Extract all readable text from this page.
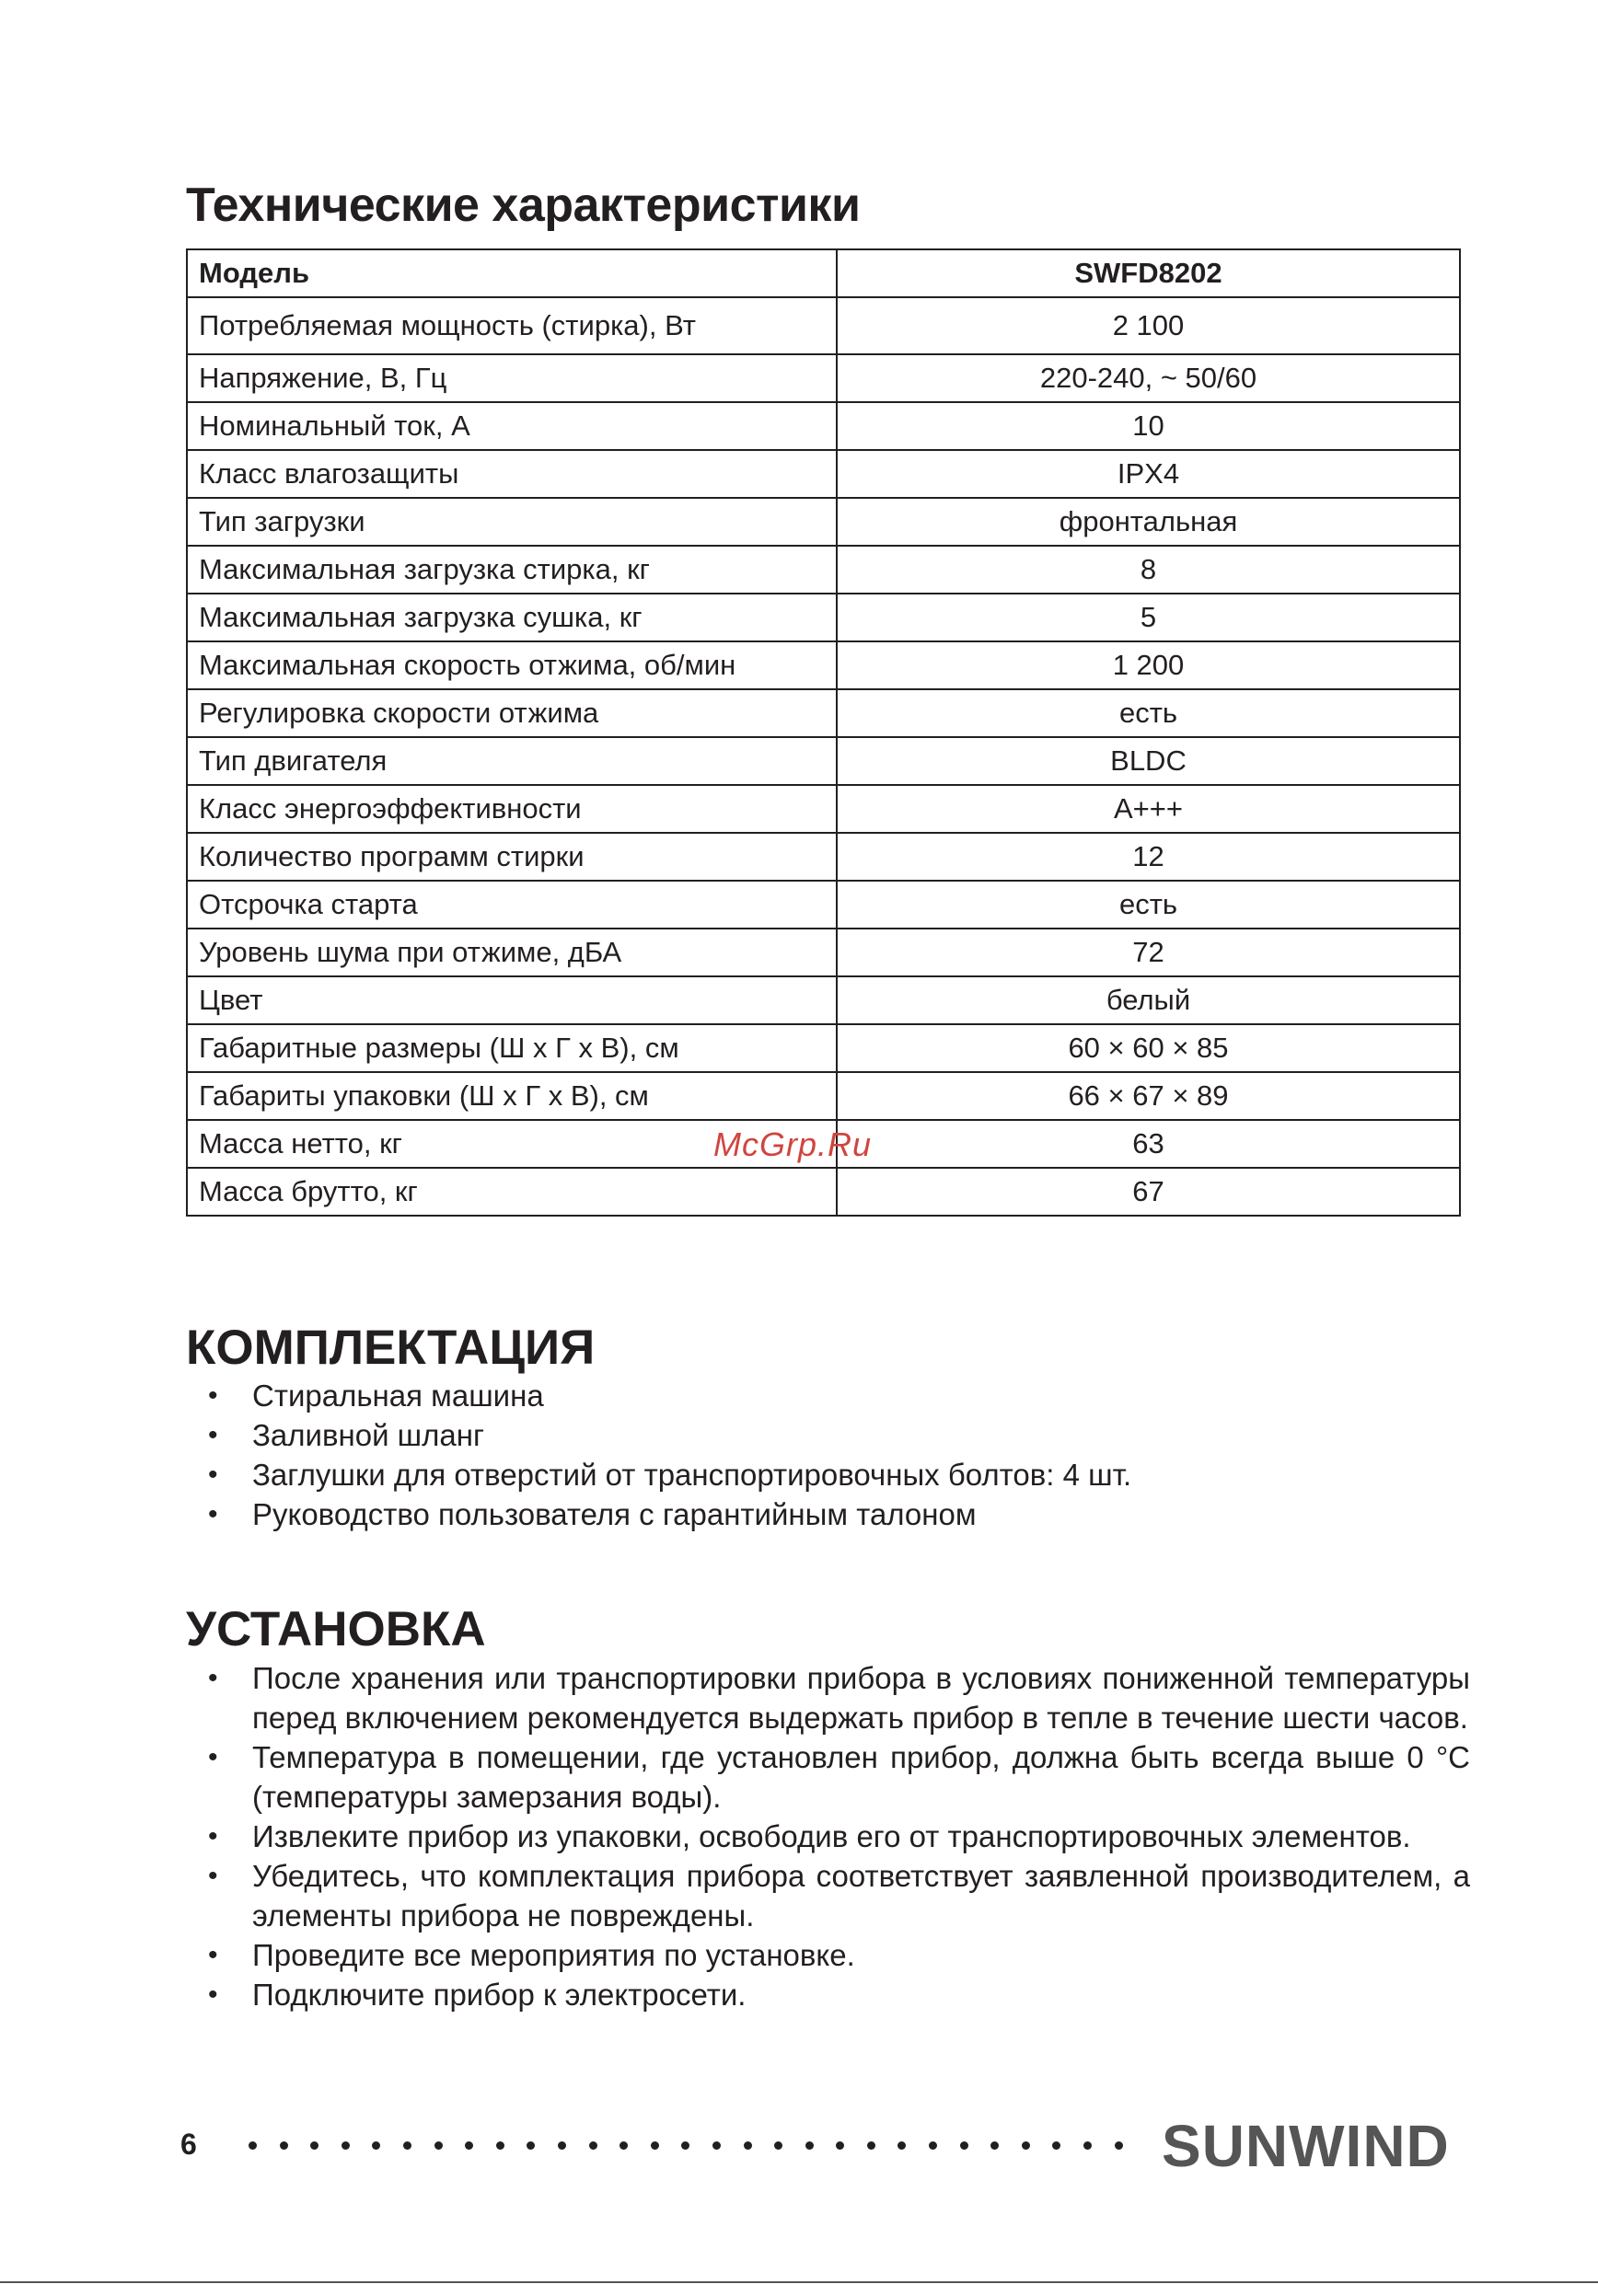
Технические характеристики
Модель	SWFD8202
Потребляемая мощность (стирка), Вт	2 100
Напряжение, В, Гц	220-240, ~ 50/60
Номинальный ток, А	10
Класс влагозащиты	IPX4
Тип загрузки	фронтальная
Максимальная загрузка стирка, кг	8
Максимальная загрузка сушка, кг	5
Максимальная скорость отжима, об/мин	1 200
Регулировка скорости отжима	есть
Тип двигателя	BLDC
Класс энергоэффективности	A+++
Количество программ стирки	12
Отсрочка старта	есть
Уровень шума при отжиме, дБА	72
Цвет	белый
Габаритные размеры (Ш х Г х В), см	60 × 60 × 85
Габариты упаковки (Ш х Г х В), см	66 × 67 × 89
Масса нетто, кг	63
Масса брутто, кг	67
McGrp.Ru
КОМПЛЕКТАЦИЯ
• Стиральная машина
• Заливной шланг
• Заглушки для отверстий от транспортировочных болтов: 4 шт.
• Руководство пользователя с гарантийным талоном
УСТАНОВКА
• После хранения или транспортировки прибора в условиях пониженной температуры перед включением рекомендуется выдержать прибор в тепле в течение шести часов.
• Температура в помещении, где установлен прибор, должна быть всегда выше 0 °С (температуры замерзания воды).
• Извлеките прибор из упаковки, освободив его от транспортировочных элементов.
• Убедитесь, что комплектация прибора соответствует заявленной производителем, а элементы прибора не повреждены.
• Проведите все мероприятия по установке.
• Подключите прибор к электросети.
6	SUNWIND
